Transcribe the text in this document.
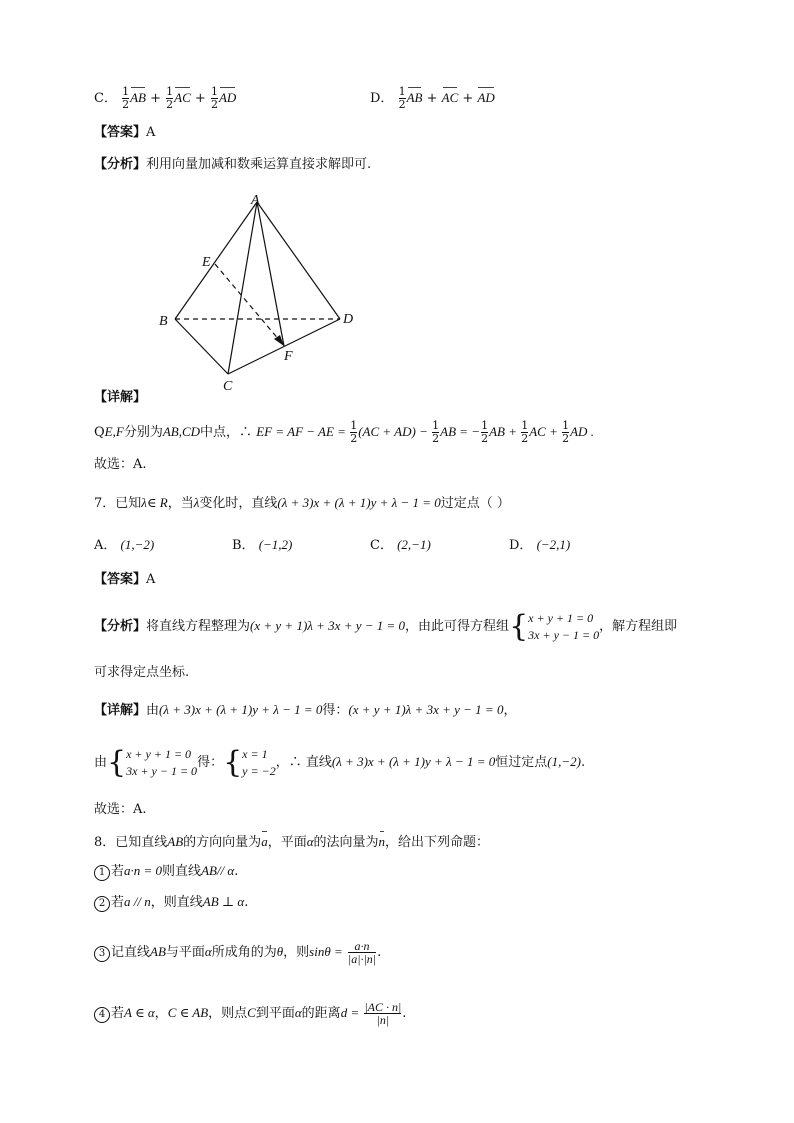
C． $\frac{1}{2}$ AB + $\frac{1}{2}$ AC + $\frac{1}{2}$ AD	D． $\frac{1}{2}$ AB + AC + AD
【答案】A
【分析】利用向量加减和数乘运算直接求解即可.
A
E
B	D
F
C
【详解】
QE,F分别为AB,CD中点，∴ EF = AF − AE = $\frac{1}{2} (AC + AD) - \frac{1}{2}$ AB = $-\frac{1}{2}$ AB + $\frac{1}{2}$ AC + $\frac{1}{2}$ AD .
故选：A.
7．已知λ∈ R，当λ变化时，直线(λ + 3)x + (λ + 1)y + λ − 1 = 0过定点（ ）
A． (1,−2)	B． (−1,2)	C． (2,−1)	D． (−2,1)
【答案】A
【分析】将直线方程整理为(x + y + 1)λ + 3x + y − 1 = 0，由此可得方程组{x + y + 1 = 0
3x + y − 1 = 0，解方程组即
可求得定点坐标.
【详解】由(λ + 3)x + (λ + 1)y + λ − 1 = 0得：(x + y + 1)λ + 3x + y − 1 = 0，
由{x + y + 1 = 0
3x + y − 1 = 0得：{x = 1
y = −2，∴ 直线(λ + 3)x + (λ + 1)y + λ − 1 = 0恒过定点(1,−2).
故选：A.
8．已知直线AB的方向向量为a，平面α的法向量为n，给出下列命题：
1 若a·n = 0则直线AB// α.
2 若a // n，则直线AB ⊥ α.
3 记直线AB与平面α所成角的为θ，则$\sin\theta = \frac{a\cdot n}{|a|\cdot|n|}$ .
4 若A ∈ α，C ∈ AB，则点C到平面α的距离$d = \frac{|AC \cdot n|}{|n|}$ .
